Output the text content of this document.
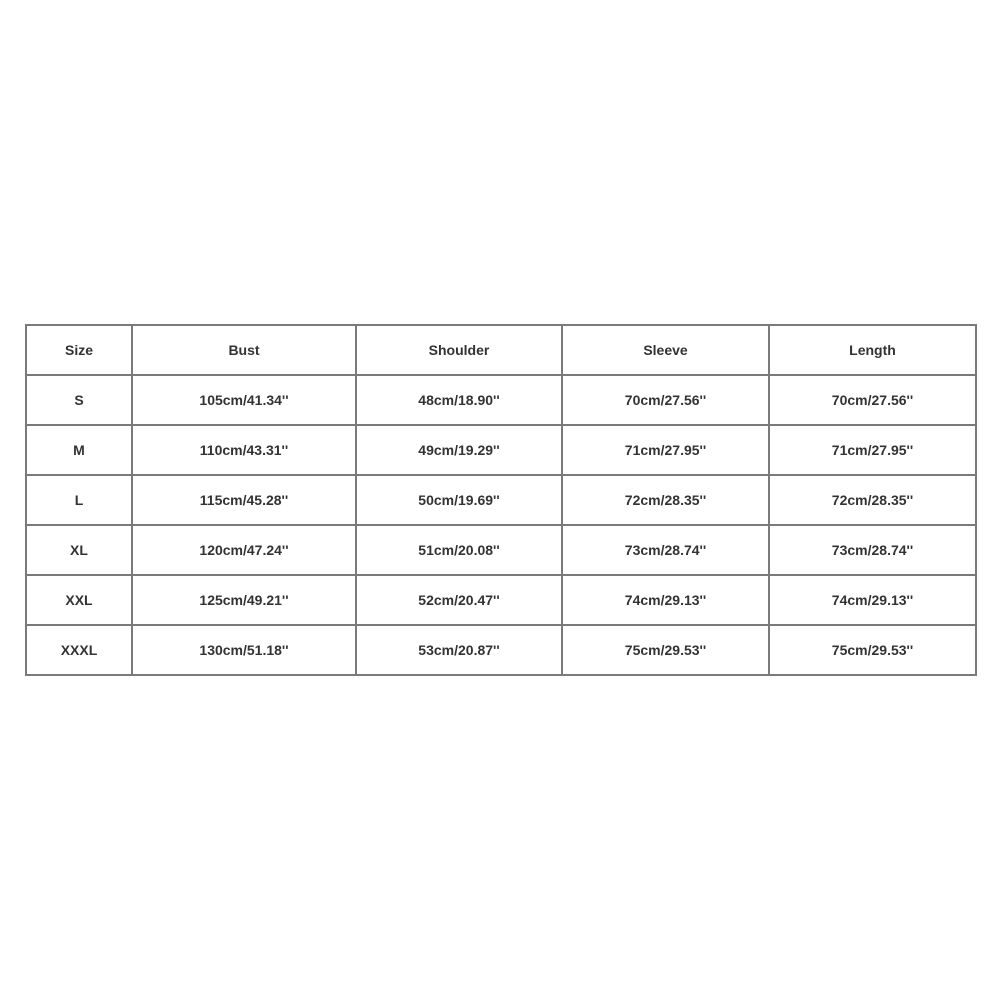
Size	Bust	Shoulder	Sleeve	Length
S	105cm/41.34''	48cm/18.90''	70cm/27.56''	70cm/27.56''
M	110cm/43.31''	49cm/19.29''	71cm/27.95''	71cm/27.95''
L	115cm/45.28''	50cm/19.69''	72cm/28.35''	72cm/28.35''
XL	120cm/47.24''	51cm/20.08''	73cm/28.74''	73cm/28.74''
XXL	125cm/49.21''	52cm/20.47''	74cm/29.13''	74cm/29.13''
XXXL	130cm/51.18''	53cm/20.87''	75cm/29.53''	75cm/29.53''
